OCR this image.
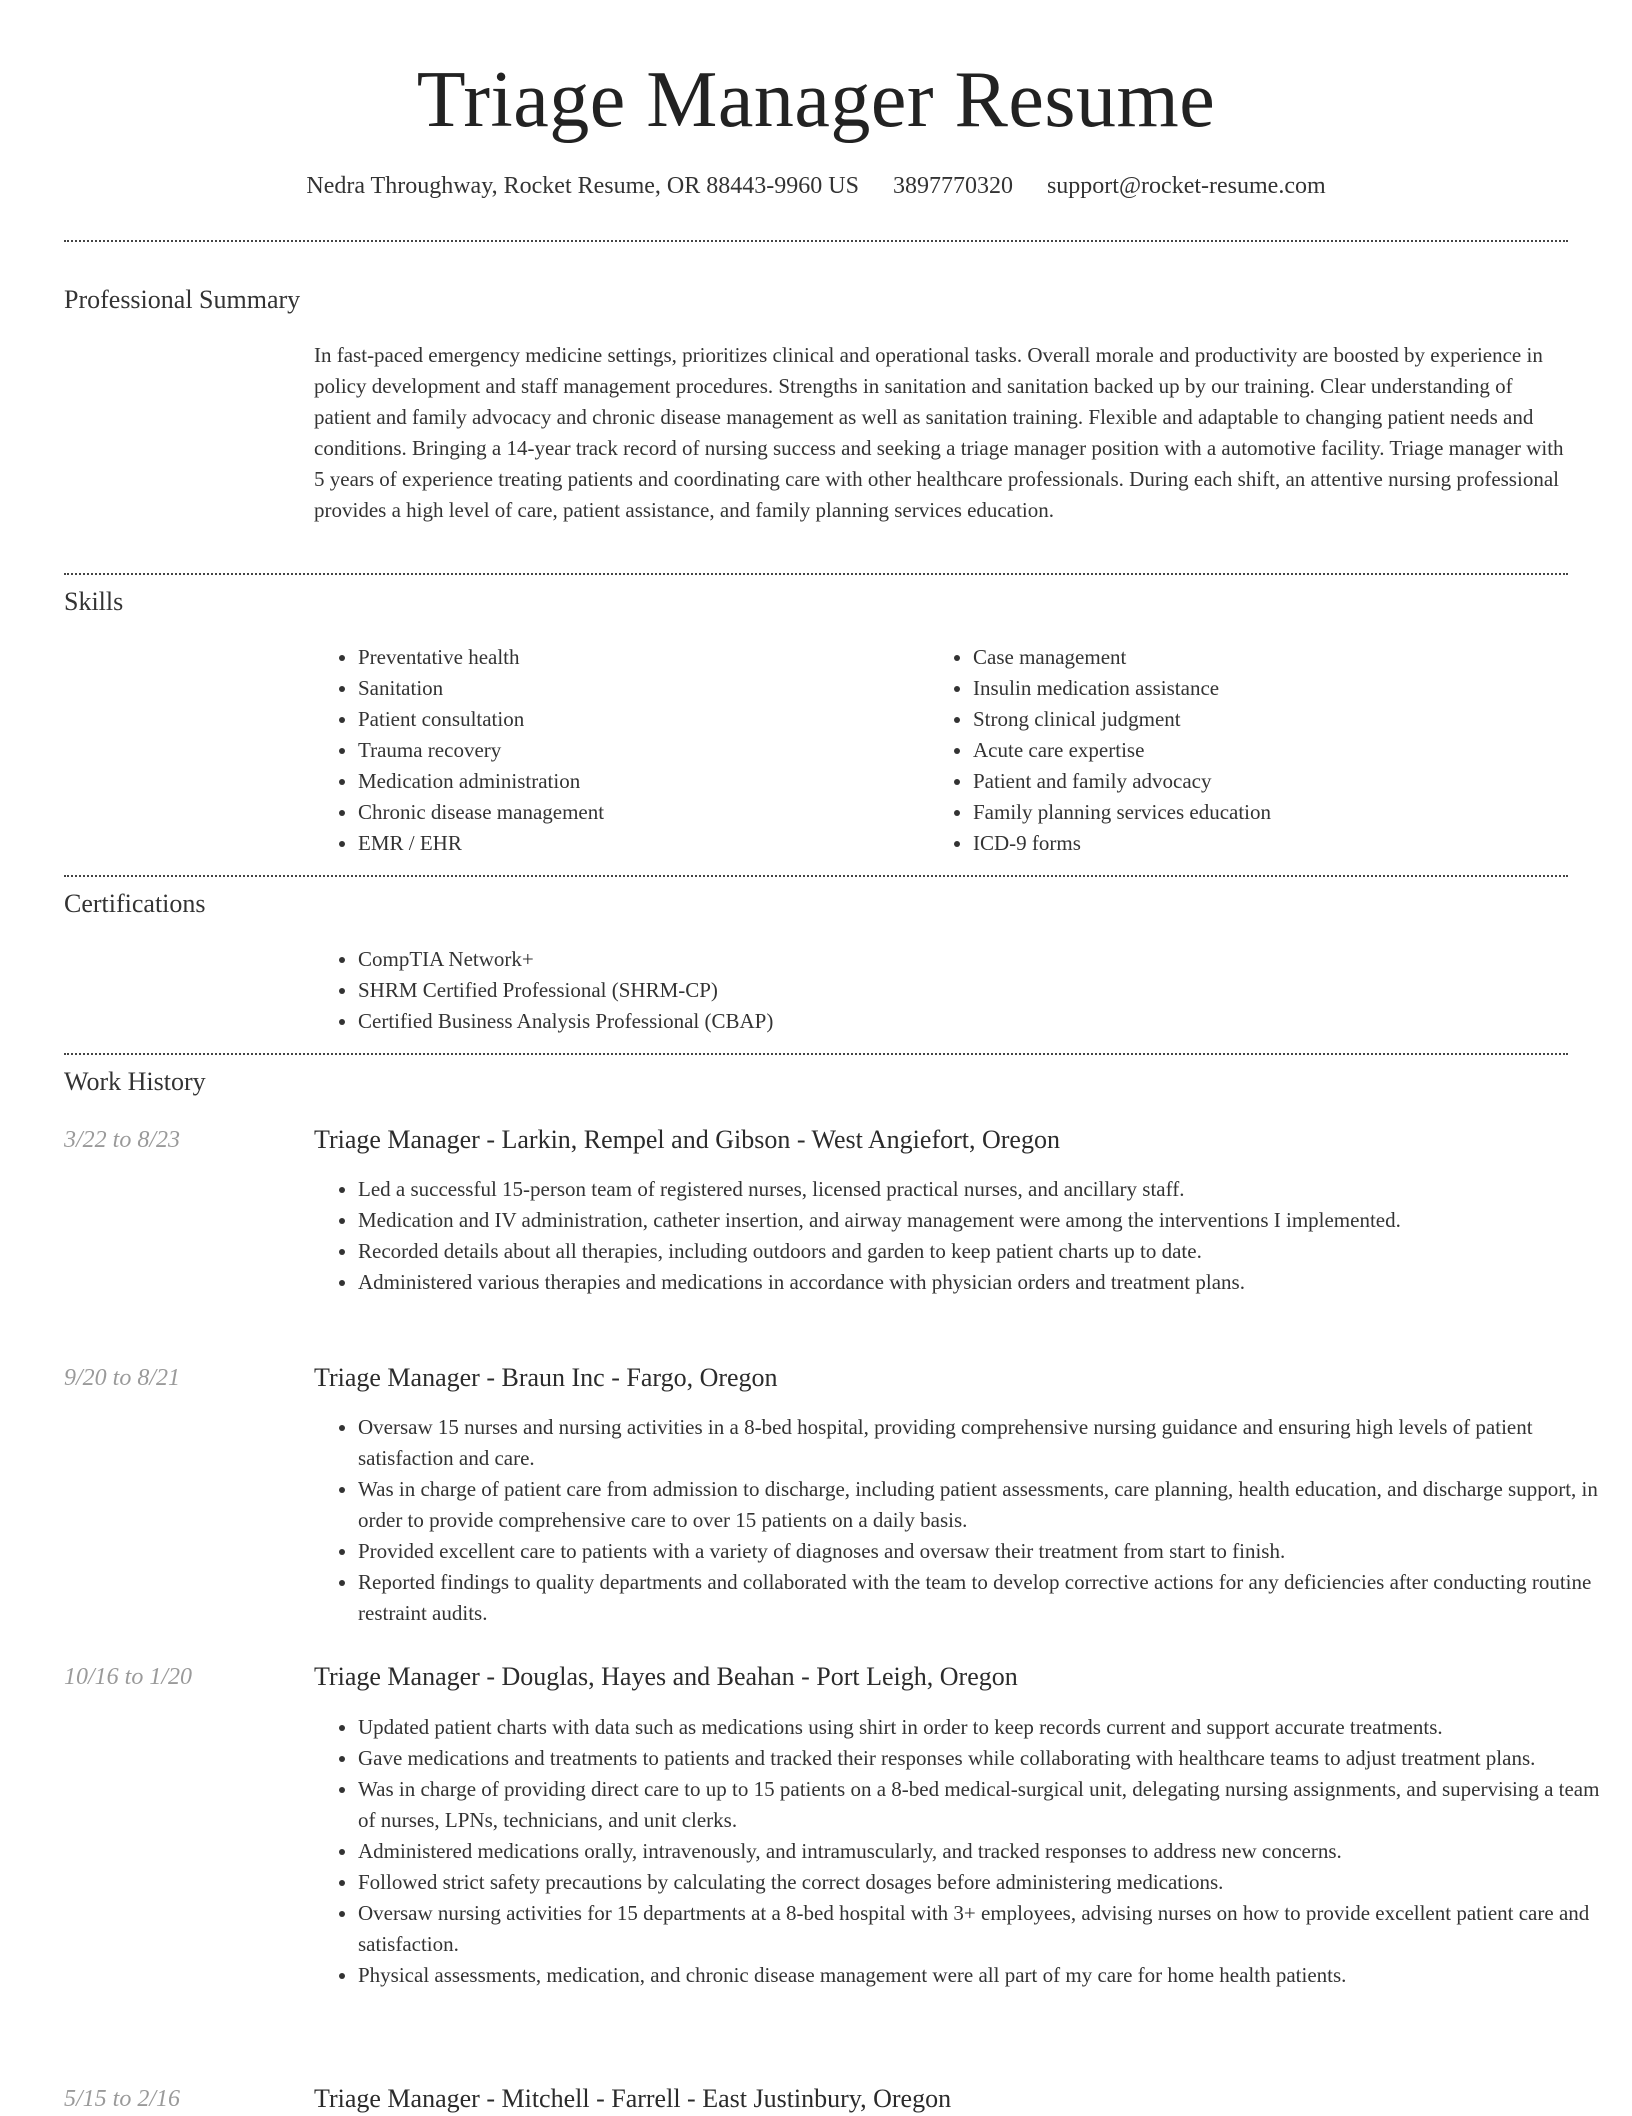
Triage Manager Resume
Nedra Throughway, Rocket Resume, OR 88443-9960 US 3897770320 support@rocket-resume.com
Professional Summary
In fast-paced emergency medicine settings, prioritizes clinical and operational tasks. Overall morale and productivity are boosted by experience in policy development and staff management procedures. Strengths in sanitation and sanitation backed up by our training. Clear understanding of patient and family advocacy and chronic disease management as well as sanitation training. Flexible and adaptable to changing patient needs and conditions. Bringing a 14-year track record of nursing success and seeking a triage manager position with a automotive facility. Triage manager with 5 years of experience treating patients and coordinating care with other healthcare professionals. During each shift, an attentive nursing professional provides a high level of care, patient assistance, and family planning services education.
Skills
• Preventative health
• Sanitation
• Patient consultation
• Trauma recovery
• Medication administration
• Chronic disease management
• EMR / EHR
• Case management
• Insulin medication assistance
• Strong clinical judgment
• Acute care expertise
• Patient and family advocacy
• Family planning services education
• ICD-9 forms
Certifications
• CompTIA Network+
• SHRM Certified Professional (SHRM-CP)
• Certified Business Analysis Professional (CBAP)
Work History
3/22 to 8/23	Triage Manager - Larkin, Rempel and Gibson - West Angiefort, Oregon
• Led a successful 15-person team of registered nurses, licensed practical nurses, and ancillary staff.
• Medication and IV administration, catheter insertion, and airway management were among the interventions I implemented.
• Recorded details about all therapies, including outdoors and garden to keep patient charts up to date.
• Administered various therapies and medications in accordance with physician orders and treatment plans.
9/20 to 8/21	Triage Manager - Braun Inc - Fargo, Oregon
• Oversaw 15 nurses and nursing activities in a 8-bed hospital, providing comprehensive nursing guidance and ensuring high levels of patient satisfaction and care.
• Was in charge of patient care from admission to discharge, including patient assessments, care planning, health education, and discharge support, in order to provide comprehensive care to over 15 patients on a daily basis.
• Provided excellent care to patients with a variety of diagnoses and oversaw their treatment from start to finish.
• Reported findings to quality departments and collaborated with the team to develop corrective actions for any deficiencies after conducting routine restraint audits.
10/16 to 1/20	Triage Manager - Douglas, Hayes and Beahan - Port Leigh, Oregon
• Updated patient charts with data such as medications using shirt in order to keep records current and support accurate treatments.
• Gave medications and treatments to patients and tracked their responses while collaborating with healthcare teams to adjust treatment plans.
• Was in charge of providing direct care to up to 15 patients on a 8-bed medical-surgical unit, delegating nursing assignments, and supervising a team of nurses, LPNs, technicians, and unit clerks.
• Administered medications orally, intravenously, and intramuscularly, and tracked responses to address new concerns.
• Followed strict safety precautions by calculating the correct dosages before administering medications.
• Oversaw nursing activities for 15 departments at a 8-bed hospital with 3+ employees, advising nurses on how to provide excellent patient care and satisfaction.
• Physical assessments, medication, and chronic disease management were all part of my care for home health patients.
5/15 to 2/16	Triage Manager - Mitchell - Farrell - East Justinbury, Oregon
